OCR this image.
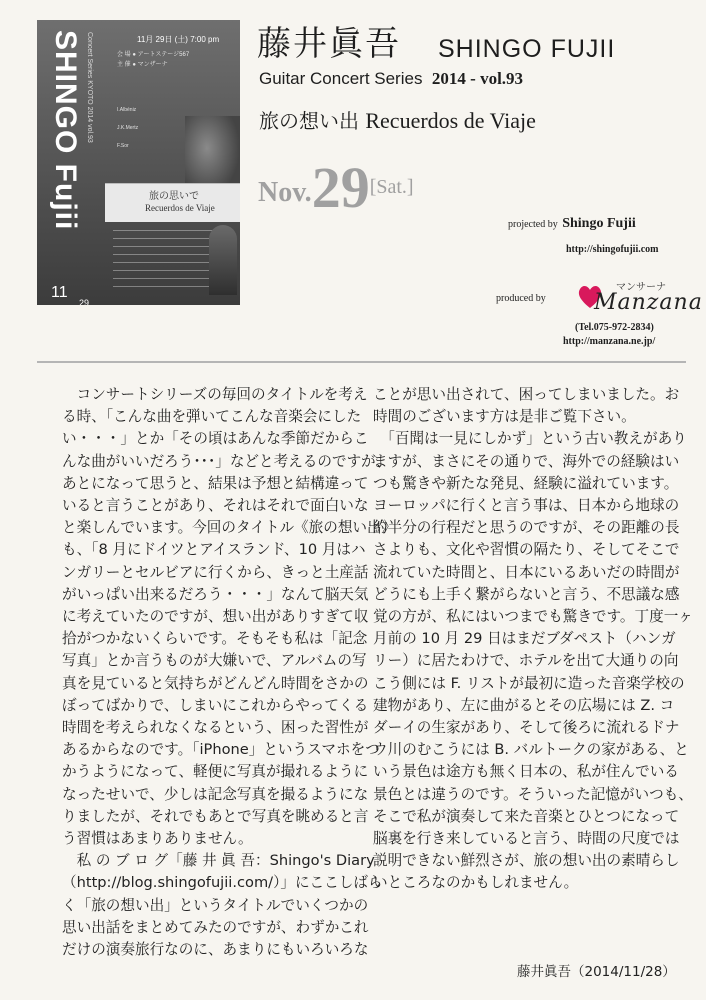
SHINGO Fujii Concert Series KYOTO 2014 vol.93	11月 29日 (土) 7:00 pm
会 場 ● アートステージ567
主 催 ● マンザーナ
I.Albéniz
J.K.Mertz
F.Sor
旅の思いで
Recuerdos de Viaje
11
29.
藤井眞吾 SHINGO FUJII
Guitar Concert Series 2014 - vol.93
旅の想い出 Recuerdos de Viaje
Nov.29[Sat.]
projected by Shingo Fujii
http://shingofujii.com
produced by
マンサーナ
Manzana
(Tel.075-972-2834)
http://manzana.ne.jp/
　コンサートシリーズの毎回のタイトルを考え
る時、「こんな曲を弾いてこんな音楽会にした
い・・・」とか「その頃はあんな季節だからこ
んな曲がいいだろう･･･」などと考えるのですが、
あとになって思うと、結果は予想と結構違って
いると言うことがあり、それはそれで面白いな
と楽しんでいます。今回のタイトル《旅の想い出》
も、「8 月にドイツとアイスランド、10 月はハ
ンガリーとセルビアに行くから、きっと土産話
がいっぱい出来るだろう・・・」なんて脳天気
に考えていたのですが、想い出がありすぎて収
拾がつかないくらいです。そもそも私は「記念
写真」とか言うものが大嫌いで、アルバムの写
真を見ていると気持ちがどんどん時間をさかの
ぼってばかりで、しまいにこれからやってくる
時間を考えられなくなるという、困った習性が
あるからなのです。「iPhone」というスマホをつ
かうようになって、軽便に写真が撮れるように
なったせいで、少しは記念写真を撮るようにな
りましたが、それでもあとで写真を眺めると言
う習慣はあまりありません。
　私 の ブ ロ グ「藤 井 眞 吾：Shingo's Diary
（http://blog.shingofujii.com/）」にここしばら
く「旅の想い出」というタイトルでいくつかの
思い出話をまとめてみたのですが、わずかこれ
だけの演奏旅行なのに、あまりにもいろいろな
ことが思い出されて、困ってしまいました。お
時間のございます方は是非ご覧下さい。
　「百聞は一見にしかず」という古い教えがあり
ますが、まさにその通りで、海外での経験はい
つも驚きや新たな発見、経験に溢れています。
ヨーロッパに行くと言う事は、日本から地球の
約半分の行程だと思うのですが、その距離の長
さよりも、文化や習慣の隔たり、そしてそこで
流れていた時間と、日本にいるあいだの時間が
どうにも上手く繋がらないと言う、不思議な感
覚の方が、私にはいつまでも驚きです。丁度一ヶ
月前の 10 月 29 日はまだブダペスト（ハンガ
リー）に居たわけで、ホテルを出て大通りの向
こう側には F. リストが最初に造った音楽学校の
建物があり、左に曲がるとその広場には Z. コ
ダーイの生家があり、そして後ろに流れるドナ
ウ川のむこうには B. バルトークの家がある、と
いう景色は途方も無く日本の、私が住んでいる
景色とは違うのです。そういった記憶がいつも、
そこで私が演奏して来た音楽とひとつになって
脳裏を行き来していると言う、時間の尺度では
説明できない鮮烈さが、旅の想い出の素晴らし
いところなのかもしれません。
藤井眞吾（2014/11/28）
